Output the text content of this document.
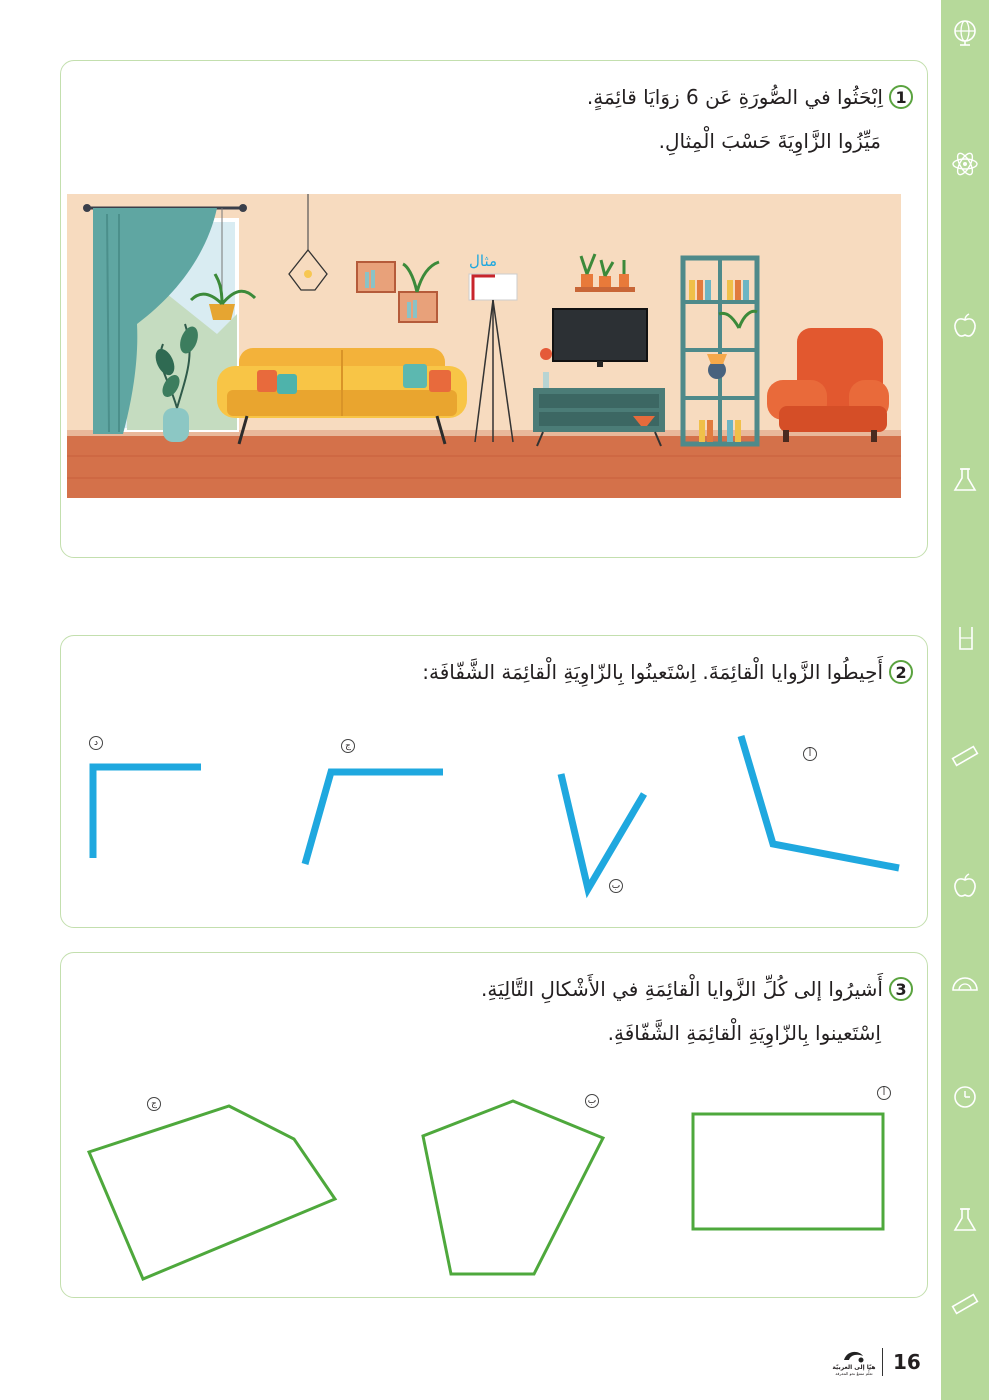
1
اِبْحَثُوا في الصُّورَةِ عَن 6 زوَايَا قائِمَةٍ.
مَيِّزُوا الزَّاوِيَةَ حَسْبَ الْمِثالِ.
مثال
2
أَحِيطُوا الزَّوايا الْقائِمَةَ. اِسْتَعينُوا بِالزّاوِيَةِ الْقائِمَة الشَّفّافَة:
أ
ب
ج
د
3
أَشيرُوا إلى كُلِّ الزَّوايا الْقائِمَةِ في الأَشْكالِ التَّالِيَةِ.
اِسْتَعينوا بِالزّاوِيَةِ الْقائِمَةِ الشَّفّافَةِ.
أ
ب
ج
هيّا إلى العربيّة
تعلُّم ممتعٌ نحو المعرفة 16
